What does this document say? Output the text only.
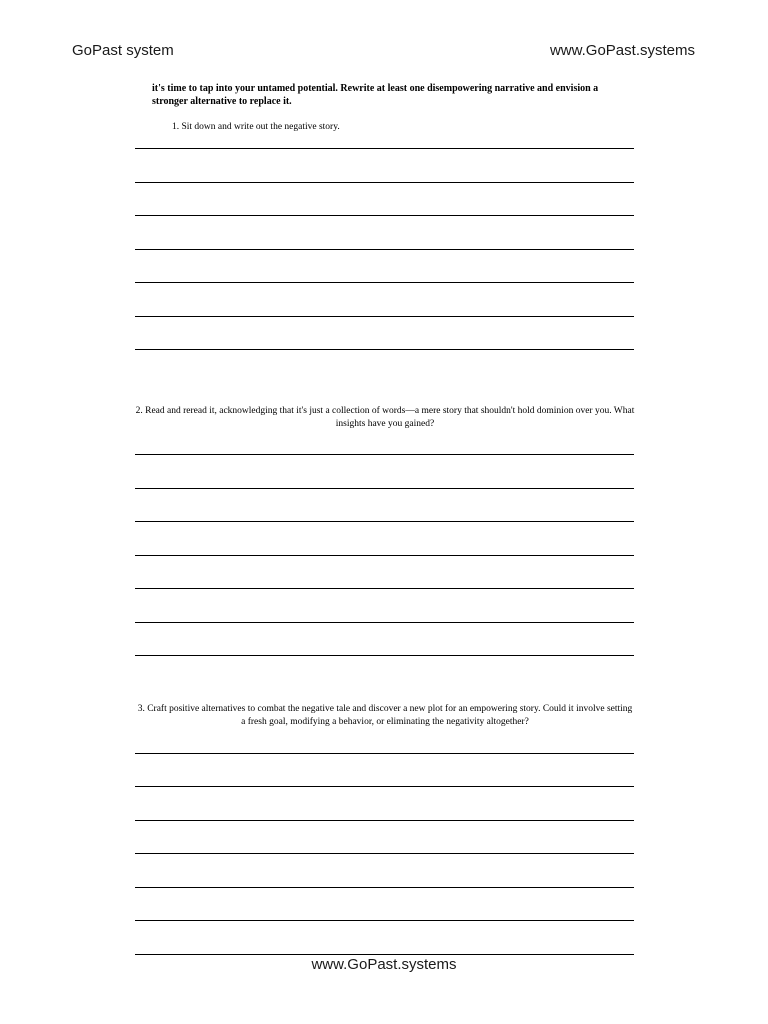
GoPast system	www.GoPast.systems
it's time to tap into your untamed potential. Rewrite at least one disempowering narrative and envision a stronger alternative to replace it.
1. Sit down and write out the negative story.
2. Read and reread it, acknowledging that it's just a collection of words—a mere story that shouldn't hold dominion over you. What insights have you gained?
3. Craft positive alternatives to combat the negative tale and discover a new plot for an empowering story. Could it involve setting a fresh goal, modifying a behavior, or eliminating the negativity altogether?
www.GoPast.systems
